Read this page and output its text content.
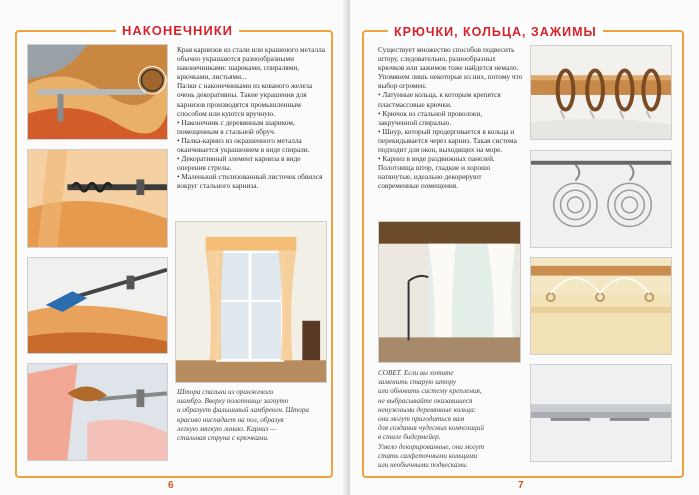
НАКОНЕЧНИКИ

Края карнизов из стали или крашеного металла обычно украшаются разнообразными наконечниками: шариками, спиралями, крючками, листьями...

Палки с наконечниками из кованого железа очень декоративны. Такие украшения для карнизов производятся промышленным способом или куются вручную.

• Наконечник с деревянным шариком, помещенным в стальной обруч.

• Палка-карниз из окрашенного металла оканчивается украшением в виде спирали.

• Декоративный элемент карниза в виде оперения стрелы.

• Маленький стилизованный листочек обвился вокруг стального карниза.

Штора спальни из оранжевого

шамбрэ. Вверху полотнище загнуто

и образует фальшивый ламбрекен. Штора

красиво ниспадает на пол, образуя

легкую мягкую линию. Карниз —

стальная струна с крючками.

6
КРЮЧКИ, КОЛЬЦА, ЗАЖИМЫ

Существует множество способов подвесить штору, следовательно, разнообразных крючков или зажимов тоже найдется немало. Упомянем лишь некоторые из них, потому что выбор огромен.

• Латунные кольца, к которым крепятся пластмассовые крючки.

• Крючок из стальной проволоки, закрученной спиралью.

• Шнур, который продергивается в кольца и перекидывается через карниз. Такая система подходит для окон, выходящих на море.

• Карниз в виде раздвижных панелей. Полотнища штор, гладкие и хорошо натянутые, идеально декорируют современные помещения.

СОВЕТ. Если вы хотите

заменить старую штору

или обновить систему крепления,

не выбрасывайте оказавшиеся

ненужными деревянные кольца:

они могут пригодиться вам

для создания чудесных композиций

в стиле бидермейер.

Умело декорированные, они могут

стать салфеточными кольцами

или необычными подвесками.

7
